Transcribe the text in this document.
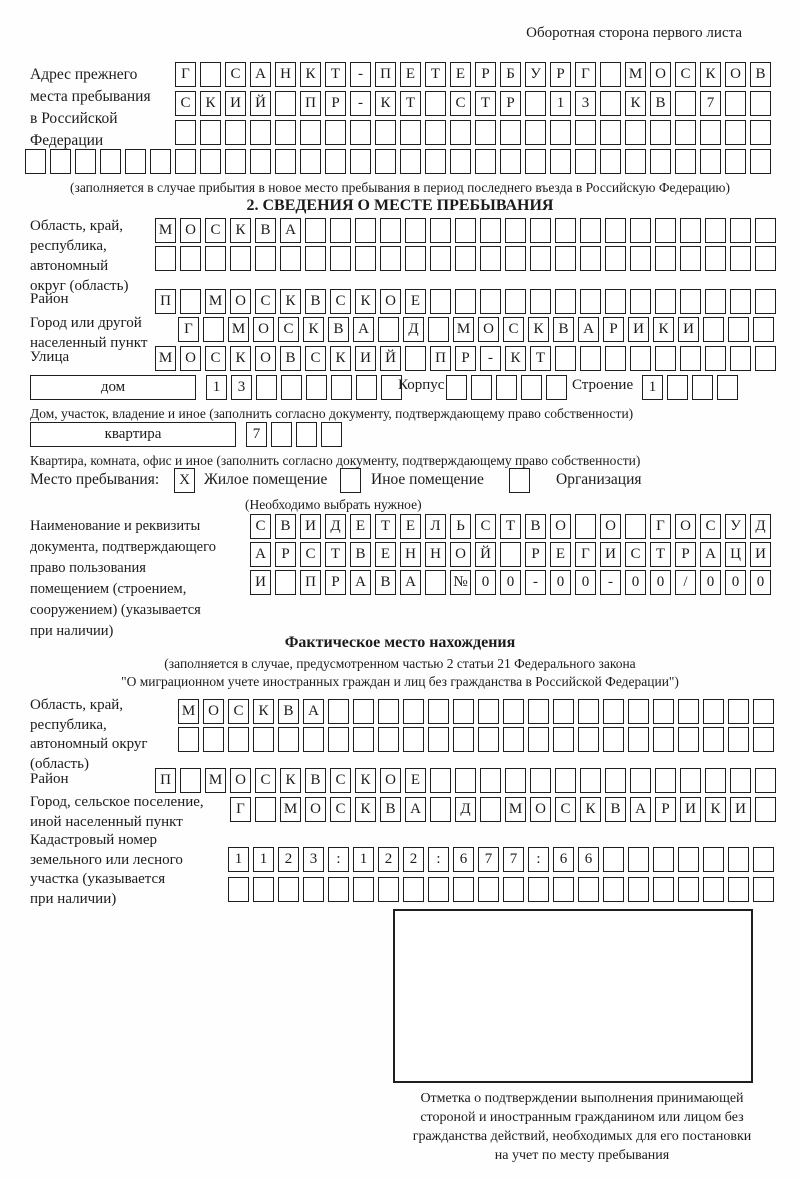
Оборотная сторона первого листа
Адрес прежнего
места пребывания
в Российской
Федерации
Г	С А Н К	Т	-	П Е	Т	Е	Р	Б	У	Р	Г	М О С К О В
С К И Й	П	Р	-	К	Т	С	Т	Р	1	3	К В	7
(заполняется в случае прибытия в новое место пребывания в период последнего въезда в Российскую Федерацию)
2. СВЕДЕНИЯ О МЕСТЕ ПРЕБЫВАНИЯ
Область, край,
республика,
автономный
округ (область)
М О С К В А
Район	П	М О С К В С К О Е
Город или другой
населенный пункт
Г	М О С К В А	Д	М О С К В А	Р	И К И
Улица	М О С К О В С К И Й	П	Р	-	К	Т
дом	1	3	Корпус	Строение	1
Дом, участок, владение и иное (заполнить согласно документу, подтверждающему право собственности)
квартира	7
Квартира, комната, офис и иное (заполнить согласно документу, подтверждающему право собственности)
Место пребывания:	X Жилое помещение	Иное помещение	Организация
(Необходимо выбрать нужное)
Наименование и реквизиты
документа, подтверждающего
право пользования
помещением (строением,
сооружением) (указывается
при наличии)
С В И Д	Е	Т	Е	Л	Ь	С	Т	В О	О	Г	О С У Д
А	Р	С	Т	В	Е	Н Н О Й	Р	Е	Г	И С	Т	Р	А Ц И
И	П	Р	А В А	№ 0	0	-	0	0	-	0	0	/	0	0	0
Фактическое место нахождения
(заполняется в случае, предусмотренном частью 2 статьи 21 Федерального закона
"О миграционном учете иностранных граждан и лиц без гражданства в Российской Федерации")
Область, край,
республика,
автономный округ
(область)
М О С К В А
Район	П	М О С К В С К О Е
Город, сельское поселение,
иной населенный пункт
Г	М О С К В А	Д	М О С К В А	Р	И К И
Кадастровый номер
земельного или лесного
участка (указывается
при наличии)
1	1	2	3	:	1	2	2	:	6	7	7	:	6	6
Отметка о подтверждении выполнения принимающей
стороной и иностранным гражданином или лицом без
гражданства действий, необходимых для его постановки
на учет по месту пребывания
